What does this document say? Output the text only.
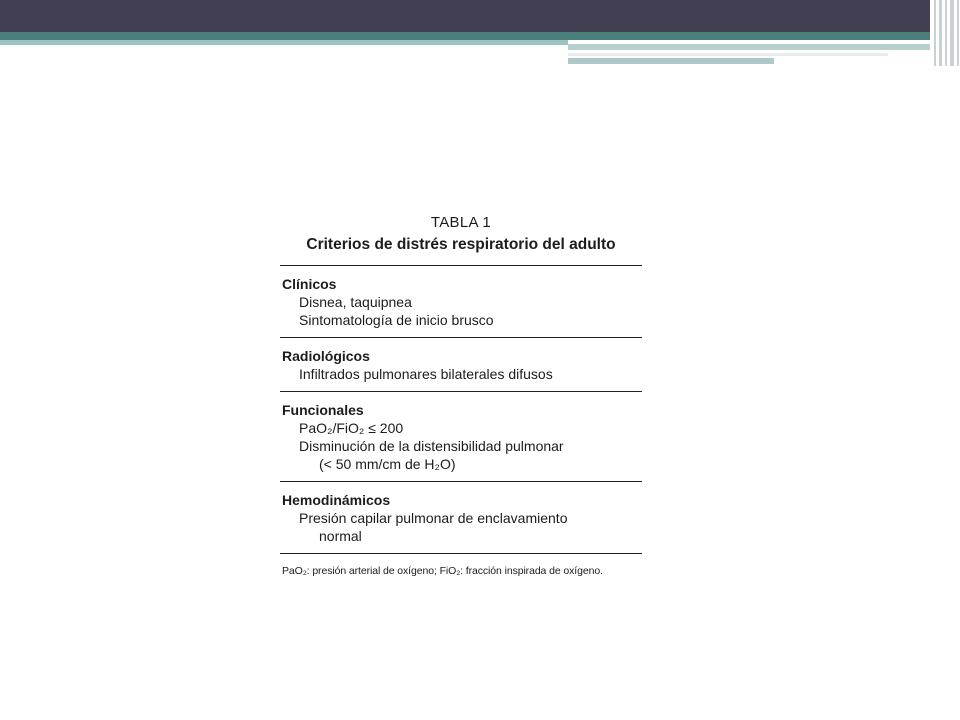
TABLA 1
Criterios de distrés respiratorio del adulto
Clínicos
Disnea, taquipnea
Sintomatología de inicio brusco
Radiológicos
Infiltrados pulmonares bilaterales difusos
Funcionales
PaO₂/FiO₂ ≤ 200
Disminución de la distensibilidad pulmonar
(< 50 mm/cm de H₂O)
Hemodinámicos
Presión capilar pulmonar de enclavamiento
normal
PaO₂: presión arterial de oxígeno; FiO₂: fracción inspirada de oxígeno.
